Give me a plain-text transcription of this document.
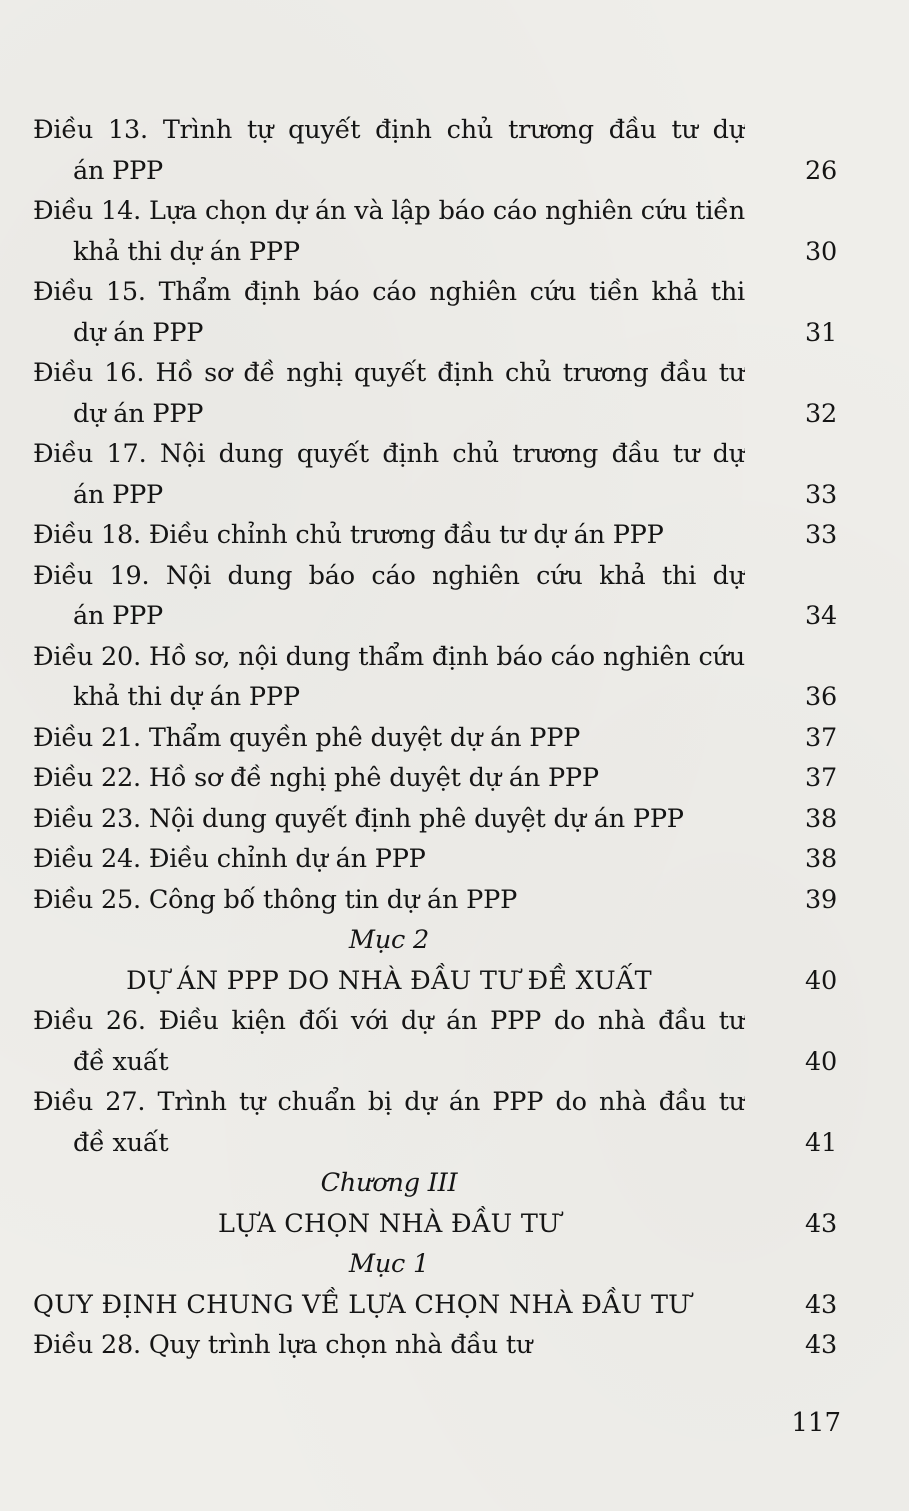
Điều 13. Trình tự quyết định chủ trương đầu tư dự
án PPP	26
Điều 14. Lựa chọn dự án và lập báo cáo nghiên cứu tiền
khả thi dự án PPP	30
Điều 15. Thẩm định báo cáo nghiên cứu tiền khả thi
dự án PPP	31
Điều 16. Hồ sơ đề nghị quyết định chủ trương đầu tư
dự án PPP	32
Điều 17. Nội dung quyết định chủ trương đầu tư dự
án PPP	33
Điều 18. Điều chỉnh chủ trương đầu tư dự án PPP	33
Điều 19. Nội dung báo cáo nghiên cứu khả thi dự
án PPP	34
Điều 20. Hồ sơ, nội dung thẩm định báo cáo nghiên cứu
khả thi dự án PPP	36
Điều 21. Thẩm quyền phê duyệt dự án PPP	37
Điều 22. Hồ sơ đề nghị phê duyệt dự án PPP	37
Điều 23. Nội dung quyết định phê duyệt dự án PPP	38
Điều 24. Điều chỉnh dự án PPP	38
Điều 25. Công bố thông tin dự án PPP	39
Mục 2
DỰ ÁN PPP DO NHÀ ĐẦU TƯ ĐỀ XUẤT	40
Điều 26. Điều kiện đối với dự án PPP do nhà đầu tư
đề xuất	40
Điều 27. Trình tự chuẩn bị dự án PPP do nhà đầu tư
đề xuất	41
Chương III
LỰA CHỌN NHÀ ĐẦU TƯ	43
Mục 1
QUY ĐỊNH CHUNG VỀ LỰA CHỌN NHÀ ĐẦU TƯ	43
Điều 28. Quy trình lựa chọn nhà đầu tư	43
117
